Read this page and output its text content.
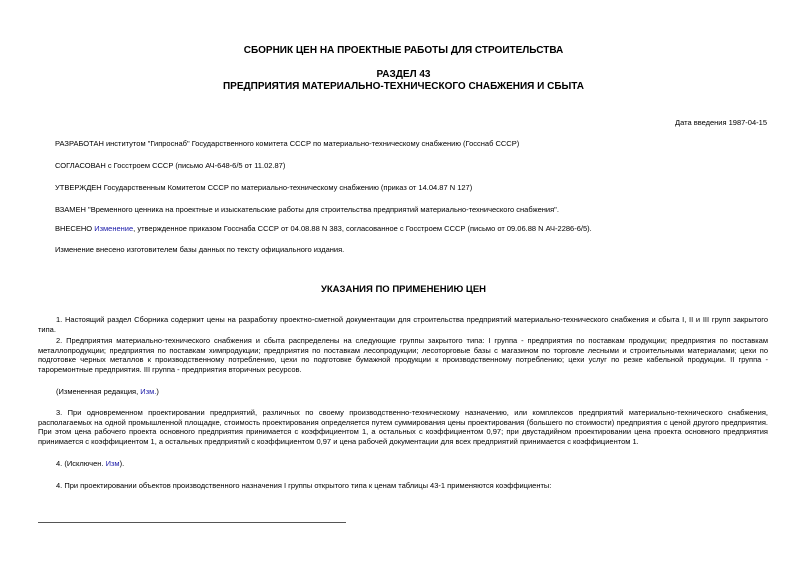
СБОРНИК ЦЕН НА ПРОЕКТНЫЕ РАБОТЫ ДЛЯ СТРОИТЕЛЬСТВА
РАЗДЕЛ 43
ПРЕДПРИЯТИЯ МАТЕРИАЛЬНО-ТЕХНИЧЕСКОГО СНАБЖЕНИЯ И СБЫТА
Дата введения 1987-04-15
РАЗРАБОТАН институтом "Гипроснаб" Государственного комитета СССР по материально-техническому снабжению (Госснаб СССР)
СОГЛАСОВАН с Госстроем СССР (письмо АЧ-648-6/5 от 11.02.87)
УТВЕРЖДЕН Государственным Комитетом СССР по материально-техническому снабжению (приказ от 14.04.87 N 127)
ВЗАМЕН "Временного ценника на проектные и изыскательские работы для строительства предприятий материально-технического снабжения".
ВНЕСЕНО Изменение, утвержденное приказом Госснаба СССР от 04.08.88 N 383, согласованное с Госстроем СССР (письмо от 09.06.88 N АЧ-2286-6/5).
Изменение внесено изготовителем базы данных по тексту официального издания.
УКАЗАНИЯ ПО ПРИМЕНЕНИЮ ЦЕН
1. Настоящий раздел Сборника содержит цены на разработку проектно-сметной документации для строительства предприятий материально-технического снабжения и сбыта I, II и III групп закрытого типа.
2. Предприятия материально-технического снабжения и сбыта распределены на следующие группы закрытого типа: I группа - предприятия по поставкам продукции; предприятия по поставкам металлопродукции; предприятия по поставкам химпродукции; предприятия по поставкам лесопродукции; лесоторговые базы с магазином по торговле лесными и строительными материалами; цехи по подготовке черных металлов к производственному потреблению, цехи по подготовке бумажной продукции к производственному потреблению; цехи услуг по резке кабельной продукции. II группа - тароремонтные предприятия. III группа - предприятия вторичных ресурсов.
(Измененная редакция, Изм.)
3. При одновременном проектировании предприятий, различных по своему производственно-техническому назначению, или комплексов предприятий материально-технического снабжения, располагаемых на одной промышленной площадке, стоимость проектирования определяется путем суммирования цены проектирования (большего по стоимости) предприятия с ценой другого предприятия. При этом цена рабочего проекта основного предприятия принимается с коэффициентом 1, а остальных с коэффициентом 0,97; при двустадийном проектировании цена проекта основного предприятия принимается с коэффициентом 1, а остальных предприятий с коэффициентом 0,97 и цена рабочей документации для всех предприятий принимается с коэффициентом 1.
4. (Исключен. Изм).
4. При проектировании объектов производственного назначения I группы открытого типа к ценам таблицы 43-1 применяются коэффициенты:
